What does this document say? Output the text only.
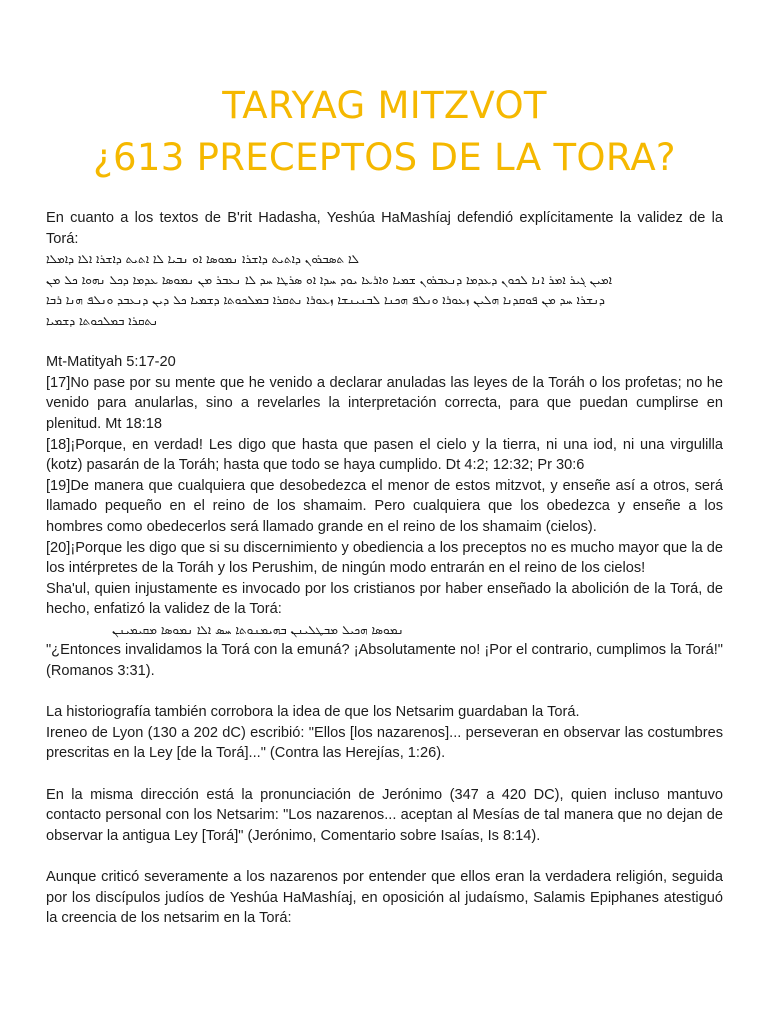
TARYAG MITZVOT
¿613 PRECEPTOS DE LA TORA?

En cuanto a los textos de B'rit Hadasha, Yeshúa HaMashíaj defendió explícitamente la validez de la Torá:

ܠܐ ܬܣܒܪܘܢ ܕܐܬܝܬ ܕܐܫܪܐ ܢܡܘܣܐ ܐܘ ܢܒܝܐ ܠܐ ܐܬܝܬ ܕܐܫܪܐ ܐܠܐ ܕܐܡܠܐ
ܐܡܝܢ ܓܝܪ ܐܡܪ ܐܢܐ ܠܟܘܢ ܕܥܕܡܐ ܕܢܥܒܪܘܢ ܫܡܝܐ ܘܐܪܥܐ ܝܘܕ ܚܕܐ ܐܘ ܣܪܛܐ ܚܕ ܠܐ ܢܥܒܪ ܡܢ ܢܡܘܣܐ ܥܕܡܐ ܕܟܠ ܢܗܘܐ ܟܠ ܡܢ
ܕܢܫܪܐ ܚܕ ܡܢ ܦܘܩܕܢܐ ܗܠܝܢ ܙܥܘܪܐ ܘܢܠܦ ܗܟܢܐ ܠܒܢܝܢܫܐ ܙܥܘܪܐ ܢܬܩܪܐ ܒܡܠܟܘܬܐ ܕܫܡܝܐ ܟܠ ܕܝܢ ܕܢܥܒܕ ܘܢܠܦ ܗܢܐ ܪܒܐ
ܢܬܩܪܐ ܒܡܠܟܘܬܐ ܕܫܡܝܐ

Mt-Matityah 5:17-20

[17]No pase por su mente que he venido a declarar anuladas las leyes de la Toráh o los profetas; no he venido para anularlas, sino a revelarles la interpretación correcta, para que puedan cumplirse en plenitud. Mt 18:18

[18]¡Porque, en verdad! Les digo que hasta que pasen el cielo y la tierra, ni una iod, ni una virgulilla (kotz) pasarán de la Toráh; hasta que todo se haya cumplido. Dt 4:2; 12:32; Pr 30:6

[19]De manera que cualquiera que desobedezca el menor de estos mitzvot, y enseñe así a otros, será llamado pequeño en el reino de los shamaim. Pero cualquiera que los obedezca y enseñe a los hombres como obedecerlos será llamado grande en el reino de los shamaim (cielos).

[20]¡Porque les digo que si su discernimiento y obediencia a los preceptos no es mucho mayor que la de los intérpretes de la Toráh y los Perushim, de ningún modo entrarán en el reino de los cielos!

Sha'ul, quien injustamente es invocado por los cristianos por haber enseñado la abolición de la Torá, de hecho, enfatizó la validez de la Torá:

ܢܡܘܣܐ ܗܟܝܠ ܡܒܛܠܝܢܢ ܒܗܝܡܢܘܬܐ ܚܣ ܐܠܐ ܢܡܘܣܐ ܡܩܝܡܝܢܢ

"¿Entonces invalidamos la Torá con la emuná? ¡Absolutamente no! ¡Por el contrario, cumplimos la Torá!" (Romanos 3:31).

La historiografía también corrobora la idea de que los Netsarim guardaban la Torá.

Ireneo de Lyon (130 a 202 dC) escribió: "Ellos [los nazarenos]... perseveran en observar las costumbres prescritas en la Ley [de la Torá]..." (Contra las Herejías, 1:26).

En la misma dirección está la pronunciación de Jerónimo (347 a 420 DC), quien incluso mantuvo contacto personal con los Netsarim: "Los nazarenos... aceptan al Mesías de tal manera que no dejan de observar la antigua Ley [Torá]" (Jerónimo, Comentario sobre Isaías, Is 8:14).

Aunque criticó severamente a los nazarenos por entender que ellos eran la verdadera religión, seguida por los discípulos judíos de Yeshúa HaMashíaj, en oposición al judaísmo, Salamis Epiphanes atestiguó la creencia de los netsarim en la Torá:
